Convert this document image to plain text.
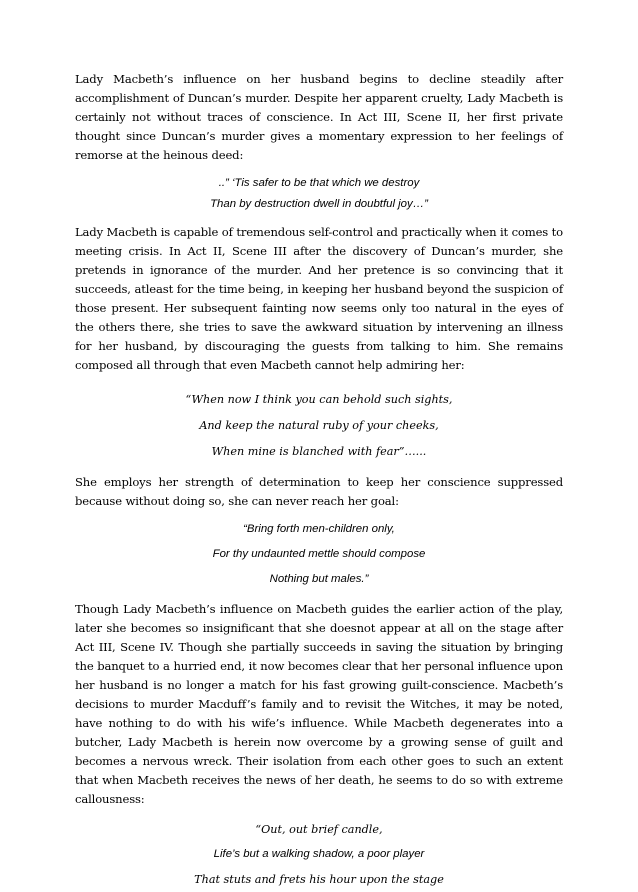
Lady Macbeth’s influence on her husband begins to decline steadily after accomplishment of Duncan’s murder. Despite her apparent cruelty, Lady Macbeth is certainly not without traces of conscience. In Act III, Scene II, her first private thought since Duncan’s murder gives a momentary expression to her feelings of remorse at the heinous deed:

..” ‘Tis safer to be that which we destroy

Than by destruction dwell in doubtful joy…”

Lady Macbeth is capable of tremendous self-control and practically when it comes to meeting crisis. In Act II, Scene III after the discovery of Duncan’s murder, she pretends in ignorance of the murder. And her pretence is so convincing that it succeeds, atleast for the time being, in keeping her husband beyond the suspicion of those present. Her subsequent fainting now seems only too natural in the eyes of the others there, she tries to save the awkward situation by intervening an illness for her husband, by discouraging the guests from talking to him. She remains composed all through that even Macbeth cannot help admiring her:

“When now I think you can behold such sights,

And keep the natural ruby of your cheeks,

When mine is blanched with fear”…...

She employs her strength of determination to keep her conscience suppressed because without doing so, she can never reach her goal:

“Bring forth men-children only,

For thy undaunted mettle should compose

Nothing but males.”

Though Lady Macbeth’s influence on Macbeth guides the earlier action of the play, later she becomes so insignificant that she doesnot appear at all on the stage after Act III, Scene IV. Though she partially succeeds in saving the situation by bringing the banquet to a hurried end, it now becomes clear that her personal influence upon her husband is no longer a match for his fast growing guilt-conscience. Macbeth’s decisions to murder Macduff’s family and to revisit the Witches, it may be noted, have nothing to do with his wife’s influence. While Macbeth degenerates into a butcher, Lady Macbeth is herein now overcome by a growing sense of guilt and becomes a nervous wreck. Their isolation from each other goes to such an extent that when Macbeth receives the news of her death, he seems to do so with extreme callousness:

“Out, out brief candle,

Life’s but a walking shadow, a poor player

That stuts and frets his hour upon the stage
